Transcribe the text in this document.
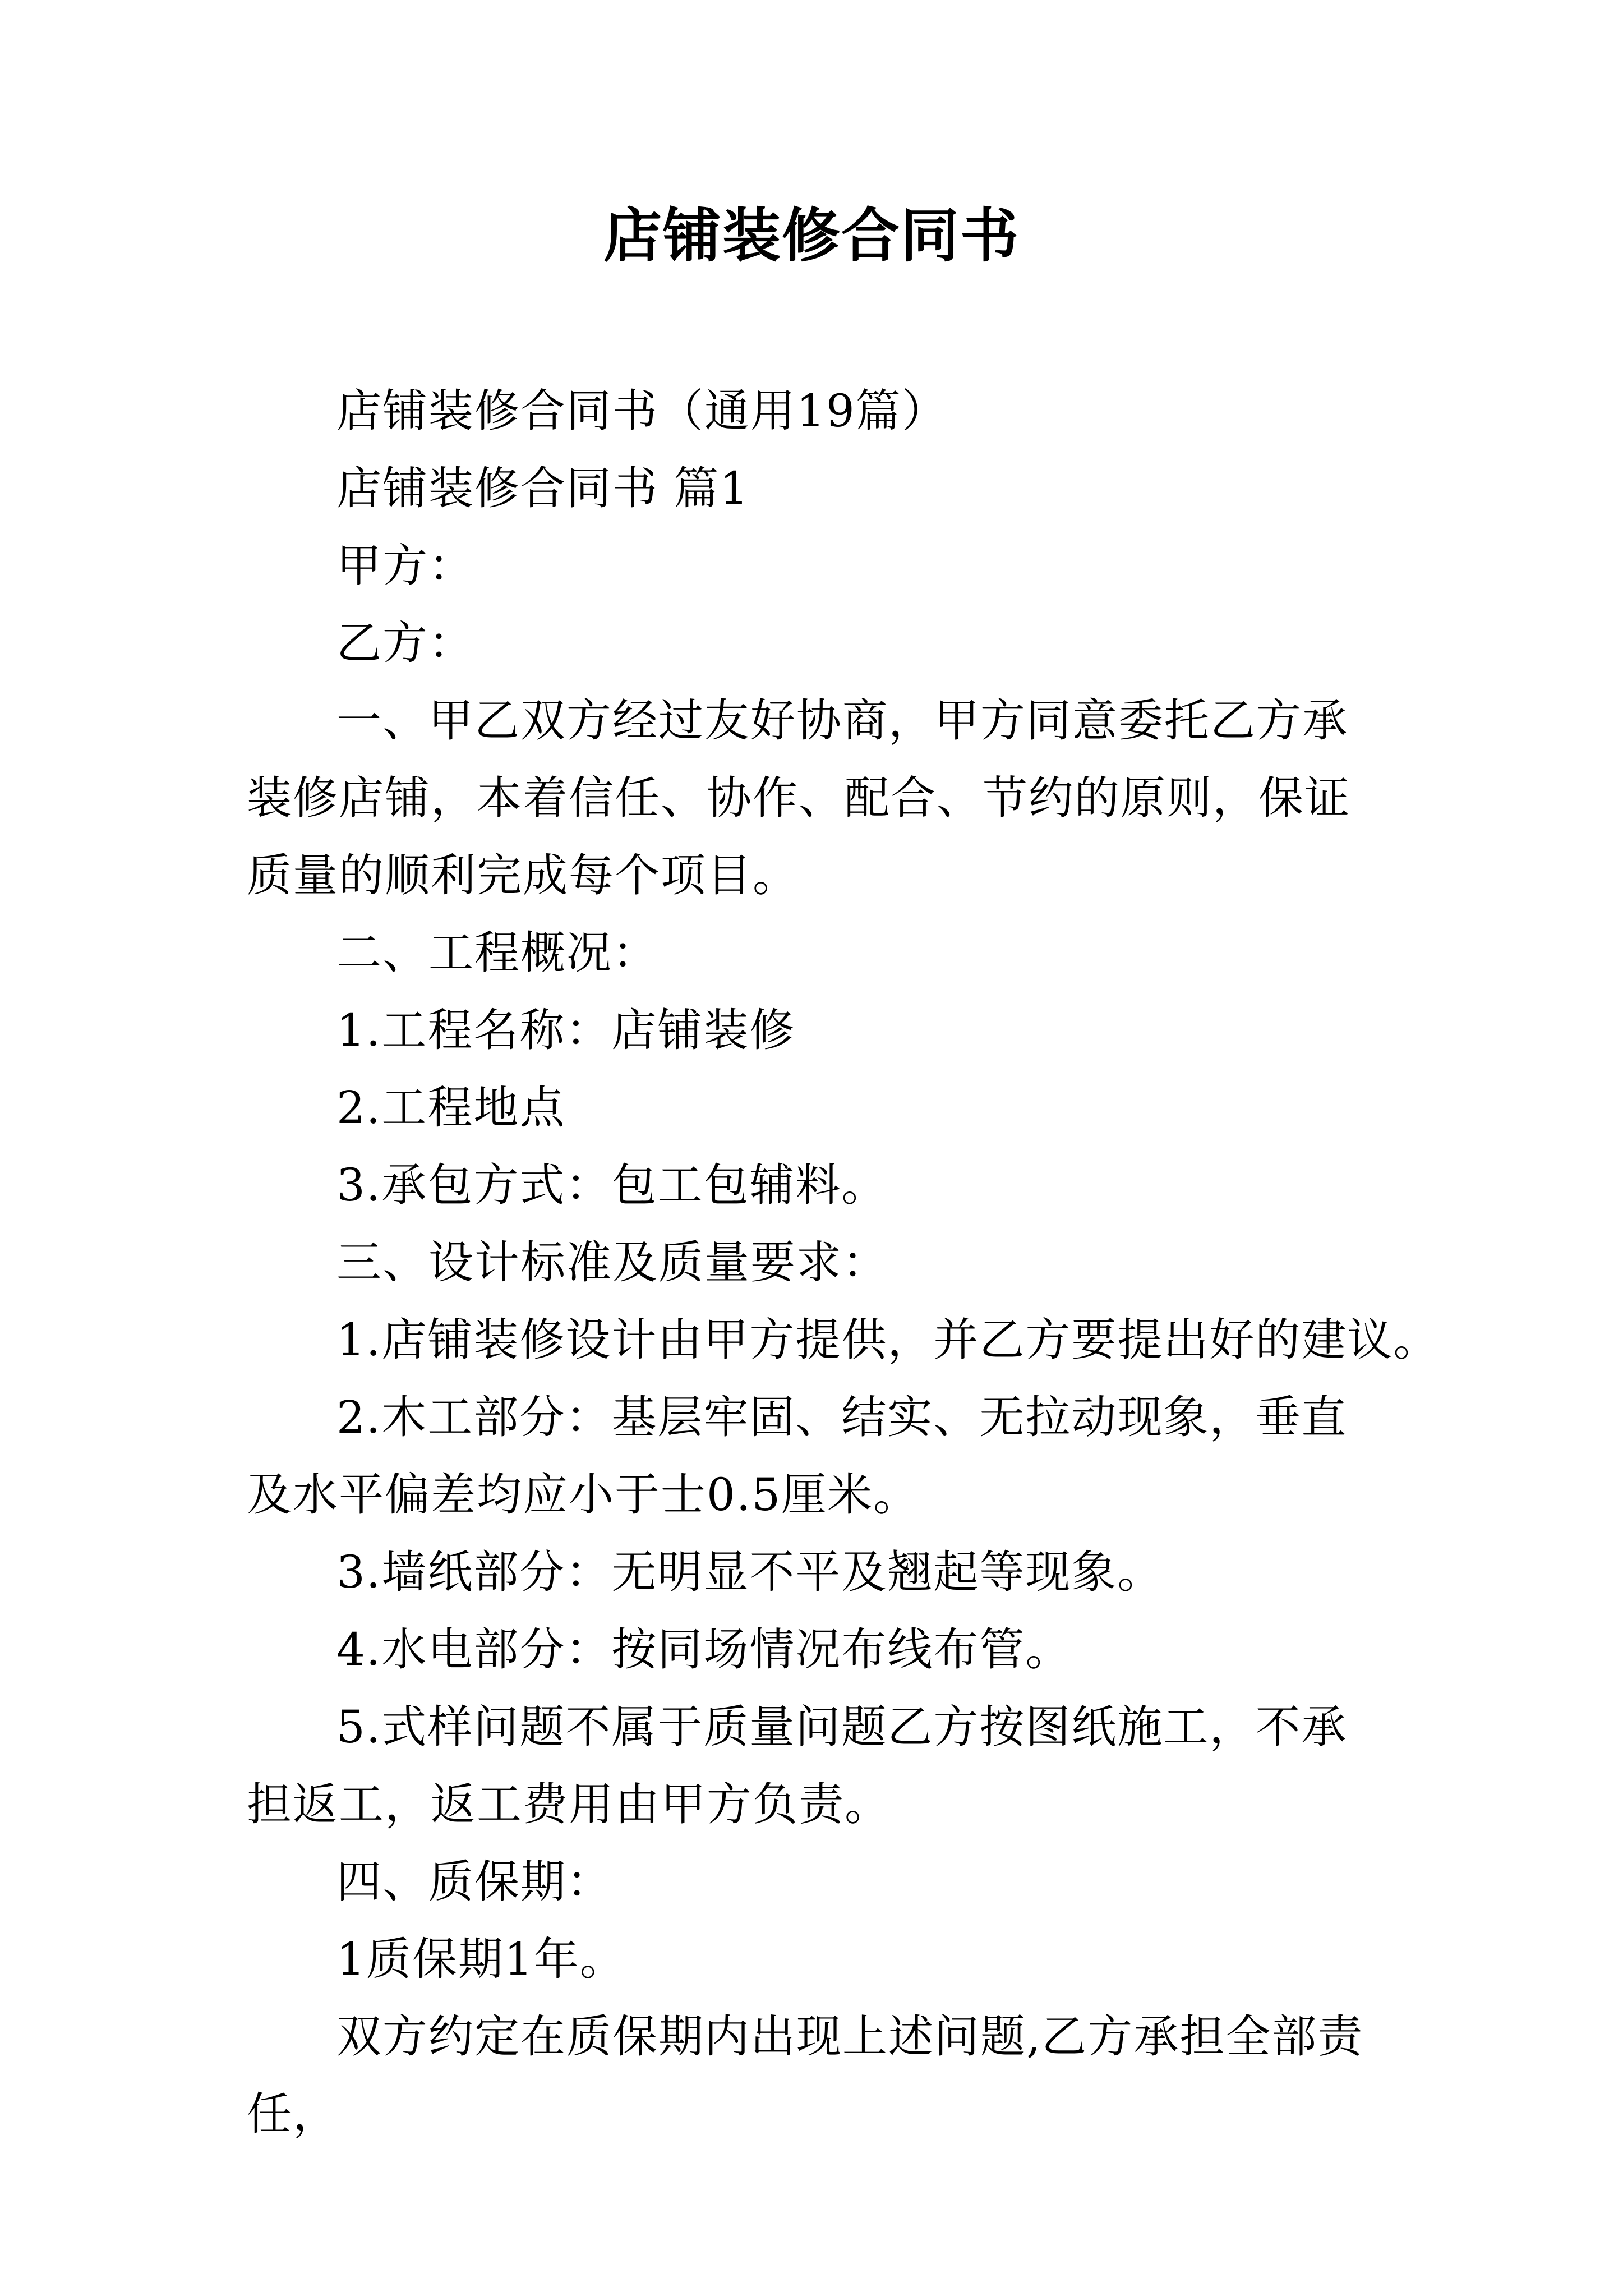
店铺装修合同书

店铺装修合同书（通用19篇）

店铺装修合同书 篇1

甲方：

乙方：

一、甲乙双方经过友好协商，甲方同意委托乙方承装修店铺，本着信任、协作、配合、节约的原则，保证质量的顺利完成每个项目。

二、工程概况：

1.工程名称：店铺装修

2.工程地点

3.承包方式：包工包辅料。

三、设计标准及质量要求：

1.店铺装修设计由甲方提供，并乙方要提出好的建议。

2.木工部分：基层牢固、结实、无拉动现象，垂直及水平偏差均应小于士0.5厘米。

3.墙纸部分：无明显不平及翘起等现象。

4.水电部分：按同场情况布线布管。

5.式样问题不属于质量问题乙方按图纸施工，不承担返工，返工费用由甲方负责。

四、质保期：

1质保期1年。

双方约定在质保期内出现上述问题,乙方承担全部责任，
